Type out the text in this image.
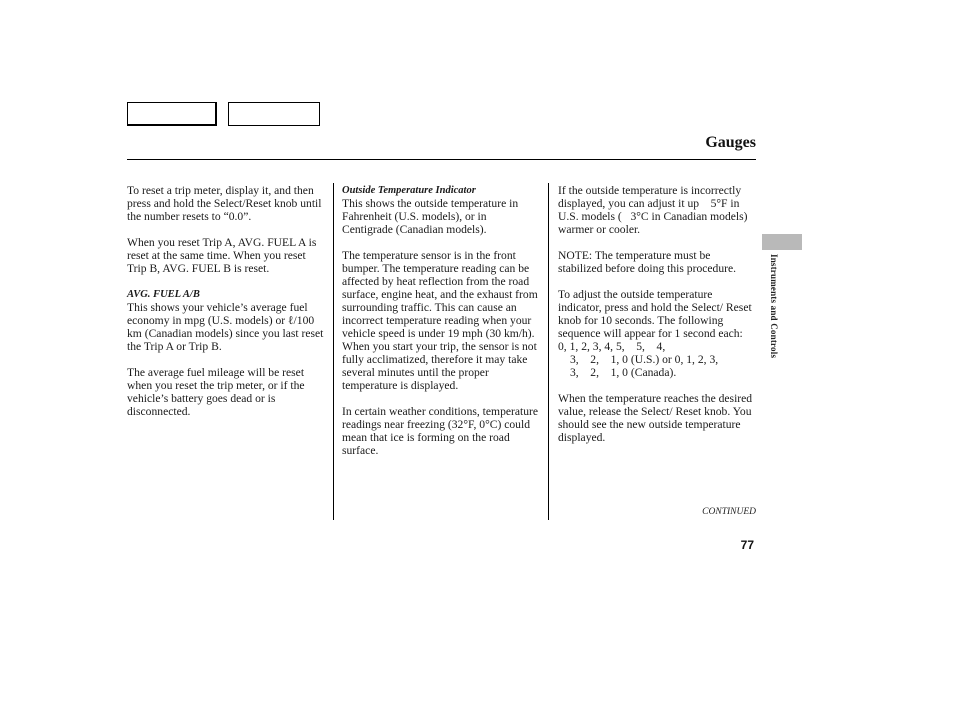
Gauges

To reset a trip meter, display it, and then press and hold the Select/Reset knob until the number resets to “0.0”.

When you reset Trip A, AVG. FUEL A is reset at the same time. When you reset Trip B, AVG. FUEL B is reset.

AVG. FUEL A/B

This shows your vehicle’s average fuel economy in mpg (U.S. models) or ℓ/100 km (Canadian models) since you last reset the Trip A or Trip B.

The average fuel mileage will be reset when you reset the trip meter, or if the vehicle’s battery goes dead or is disconnected.

Outside Temperature Indicator

This shows the outside temperature in Fahrenheit (U.S. models), or in Centigrade (Canadian models).

The temperature sensor is in the front bumper. The temperature reading can be affected by heat reflection from the road surface, engine heat, and the exhaust from surrounding traffic. This can cause an incorrect temperature reading when your vehicle speed is under 19 mph (30 km/h). When you start your trip, the sensor is not fully acclimatized, therefore it may take several minutes until the proper temperature is displayed.

In certain weather conditions, temperature readings near freezing (32°F, 0°C) could mean that ice is forming on the road surface.

If the outside temperature is incorrectly displayed, you can adjust it up    5°F in U.S. models (   3°C in Canadian models) warmer or cooler.

NOTE: The temperature must be stabilized before doing this procedure.

To adjust the outside temperature indicator, press and hold the Select/ Reset knob for 10 seconds. The following sequence will appear for 1 second each: 0, 1, 2, 3, 4, 5,    5,    4,
3,    2,    1, 0 (U.S.) or 0, 1, 2, 3,
3,    2,    1, 0 (Canada).

When the temperature reaches the desired value, release the Select/ Reset knob. You should see the new outside temperature displayed.

Instruments and Controls
CONTINUED
77
